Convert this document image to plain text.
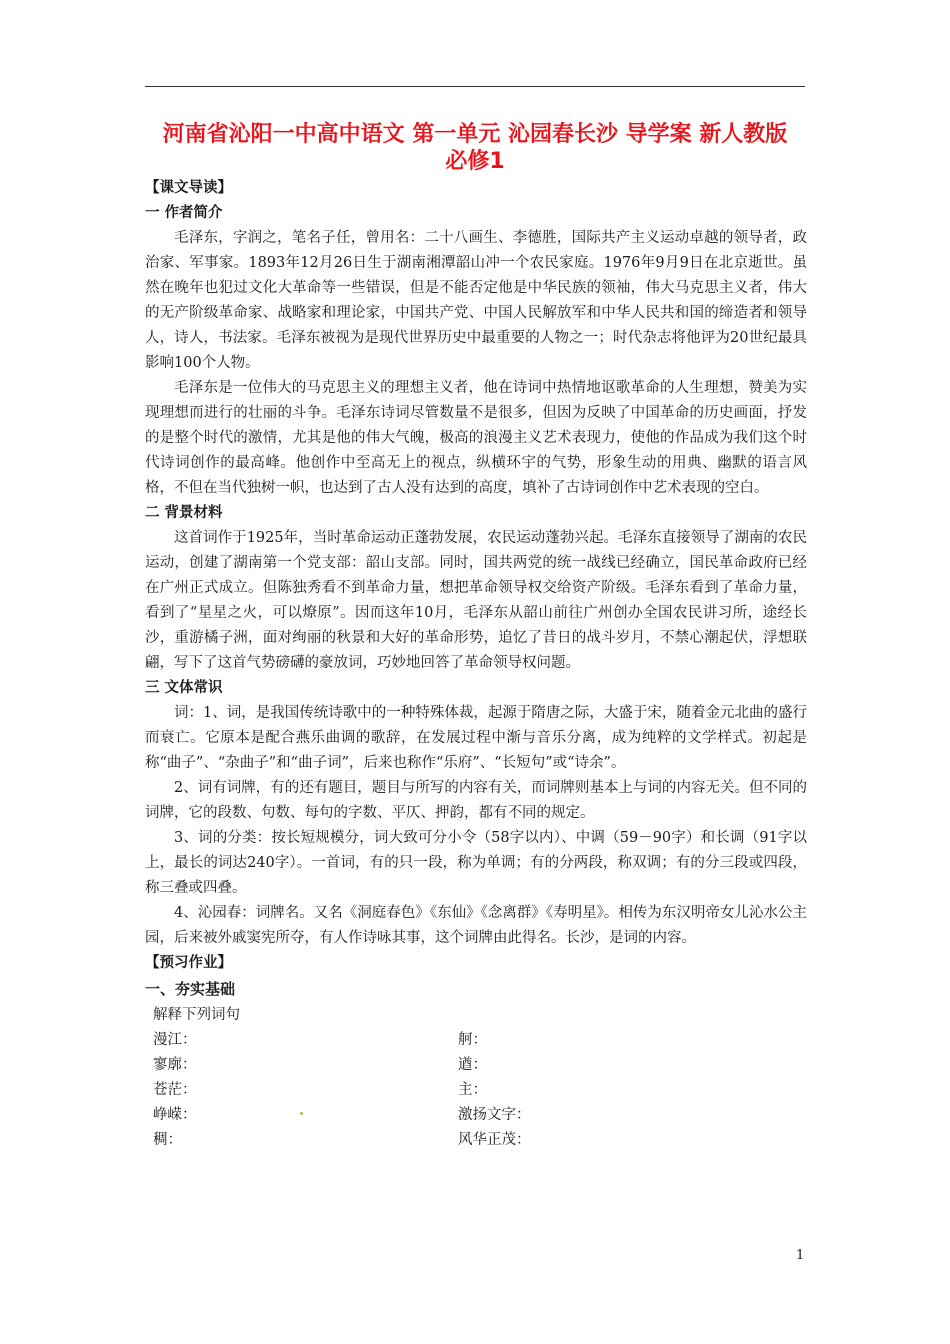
河南省沁阳一中高中语文 第一单元 沁园春长沙 导学案 新人教版
必修1
【课文导读】
一 作者简介

毛泽东，字润之，笔名子任，曾用名：二十八画生、李德胜，国际共产主义运动卓越的领导者，政治家、军事家。1893年12月26日生于湖南湘潭韶山冲一个农民家庭。1976年9月9日在北京逝世。虽然在晚年也犯过文化大革命等一些错误，但是不能否定他是中华民族的领袖，伟大马克思主义者，伟大的无产阶级革命家、战略家和理论家，中国共产党、中国人民解放军和中华人民共和国的缔造者和领导人，诗人，书法家。毛泽东被视为是现代世界历史中最重要的人物之一；时代杂志将他评为20世纪最具影响100个人物。

毛泽东是一位伟大的马克思主义的理想主义者，他在诗词中热情地讴歌革命的人生理想，赞美为实现理想而进行的壮丽的斗争。毛泽东诗词尽管数量不是很多，但因为反映了中国革命的历史画面，抒发的是整个时代的激情，尤其是他的伟大气魄，极高的浪漫主义艺术表现力，使他的作品成为我们这个时代诗词创作的最高峰。他创作中至高无上的视点，纵横环宇的气势，形象生动的用典、幽默的语言风格，不但在当代独树一帜，也达到了古人没有达到的高度，填补了古诗词创作中艺术表现的空白。

二 背景材料

这首词作于1925年，当时革命运动正蓬勃发展，农民运动蓬勃兴起。毛泽东直接领导了湖南的农民运动，创建了湖南第一个党支部：韶山支部。同时，国共两党的统一战线已经确立，国民革命政府已经在广州正式成立。但陈独秀看不到革命力量，想把革命领导权交给资产阶级。毛泽东看到了革命力量，看到了“星星之火，可以燎原”。因而这年10月，毛泽东从韶山前往广州创办全国农民讲习所，途经长沙，重游橘子洲，面对绚丽的秋景和大好的革命形势，追忆了昔日的战斗岁月，不禁心潮起伏，浮想联翩，写下了这首气势磅礴的豪放词，巧妙地回答了革命领导权问题。

三 文体常识

词：1、词，是我国传统诗歌中的一种特殊体裁，起源于隋唐之际，大盛于宋，随着金元北曲的盛行而衰亡。它原本是配合燕乐曲调的歌辞，在发展过程中渐与音乐分离，成为纯粹的文学样式。初起是称“曲子”、“杂曲子”和“曲子词”，后来也称作“乐府”、“长短句”或“诗余”。

2、词有词牌，有的还有题目，题目与所写的内容有关，而词牌则基本上与词的内容无关。但不同的词牌，它的段数、句数、每句的字数、平仄、押韵，都有不同的规定。

3、词的分类：按长短规模分，词大致可分小令（58字以内）、中调（59－90字）和长调（91字以上，最长的词达240字）。一首词，有的只一段，称为单调；有的分两段，称双调；有的分三段或四段，称三叠或四叠。

4、沁园春：词牌名。又名《洞庭春色》《东仙》《念离群》《寿明星》。相传为东汉明帝女儿沁水公主园，后来被外戚窦宪所夺，有人作诗咏其事，这个词牌由此得名。长沙，是词的内容。

【预习作业】
一、夯实基础
解释下列词句
漫江：	舸：
寥廓：	遒：
苍茫：	主：
峥嵘：	激扬文字：
稠：	风华正茂：
1
